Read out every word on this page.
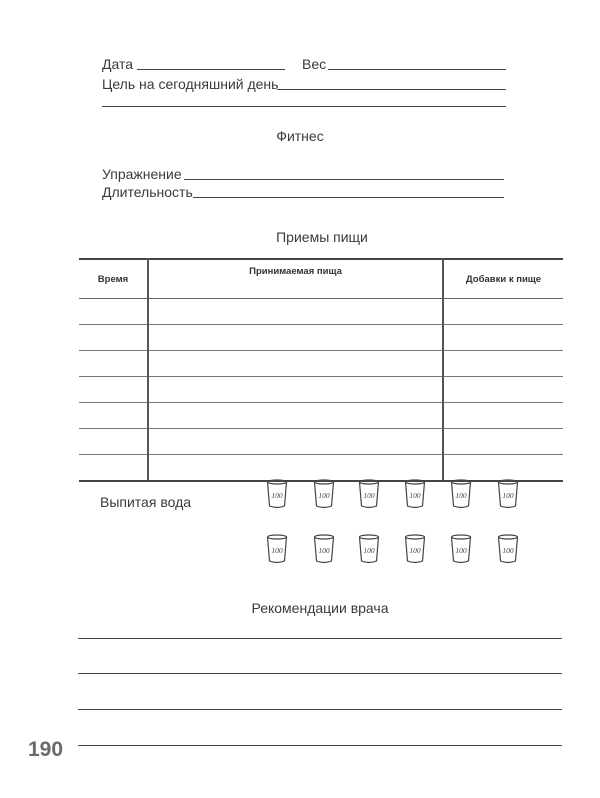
Дата	Вес
Цель на сегодняшний день
Фитнес
Упражнение
Длительность
Приемы пищи
Время	Принимаемая пища	Добавки к пище

Выпитая вода	100	100	100	100	100	100
100	100	100	100	100	100
Рекомендации врача
190
